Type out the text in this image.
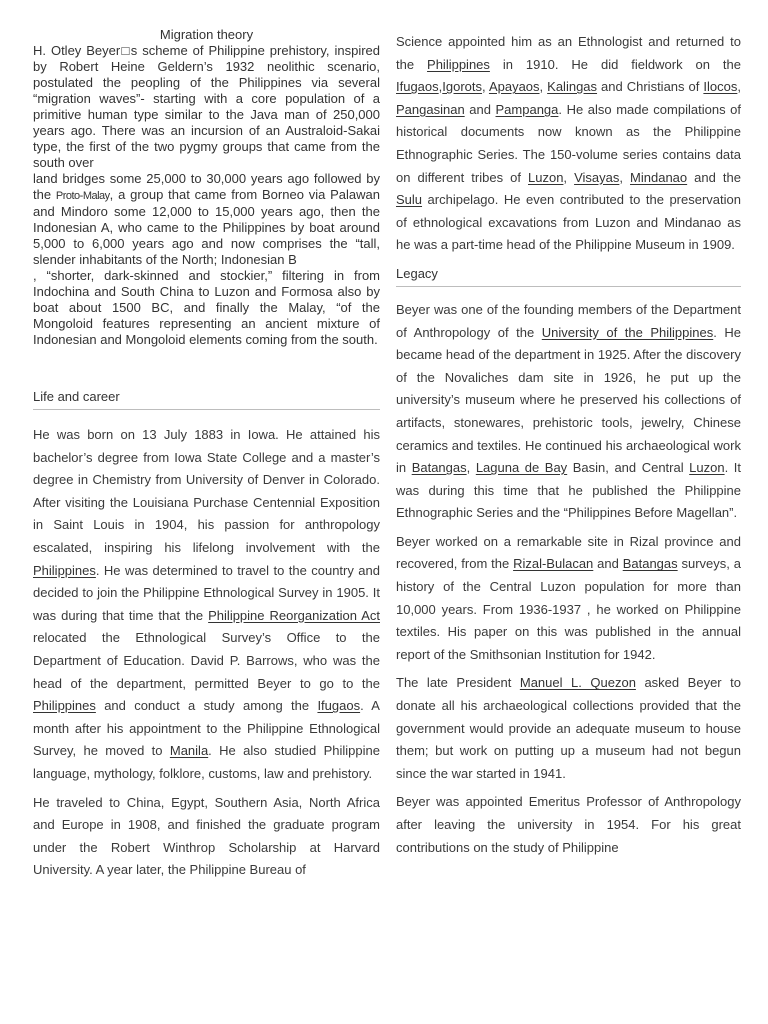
Migration theory
H. Otley Beyer□s scheme of Philippine prehistory, inspired by Robert Heine Geldern’s 1932 neolithic scenario, postulated the peopling of the Philippines via several “migration waves”- starting with a core population of a primitive human type similar to the Java man of 250,000 years ago. There was an incursion of an Australoid-Sakai type, the first of the two pygmy groups that came from the south over
land bridges some 25,000 to 30,000 years ago followed by the Proto-Malay, a group that came from Borneo via Palawan and Mindoro some 12,000 to 15,000 years ago, then the Indonesian A, who came to the Philippines by boat around 5,000 to 6,000 years ago and now comprises the “tall, slender inhabitants of the North; Indonesian B
, “shorter, dark-skinned and stockier,” filtering in from Indochina and South China to Luzon and Formosa also by boat about 1500 BC, and finally the Malay, “of the Mongoloid features representing an ancient mixture of Indonesian and Mongoloid elements coming from the south.
Life and career

He was born on 13 July 1883 in Iowa. He attained his bachelor’s degree from Iowa State College and a master’s degree in Chemistry from University of Denver in Colorado. After visiting the Louisiana Purchase Centennial Exposition in Saint Louis in 1904, his passion for anthropology escalated, inspiring his lifelong involvement with the Philippines. He was determined to travel to the country and decided to join the Philippine Ethnological Survey in 1905. It was during that time that the Philippine Reorganization Act relocated the Ethnological Survey’s Office to the Department of Education. David P. Barrows, who was the head of the department, permitted Beyer to go to the Philippines and conduct a study among the Ifugaos. A month after his appointment to the Philippine Ethnological Survey, he moved to Manila. He also studied Philippine language, mythology, folklore, customs, law and prehistory.

He traveled to China, Egypt, Southern Asia, North Africa and Europe in 1908, and finished the graduate program under the Robert Winthrop Scholarship at Harvard University. A year later, the Philippine Bureau of

Science appointed him as an Ethnologist and returned to the Philippines in 1910. He did fieldwork on the Ifugaos,Igorots, Apayaos, Kalingas and Christians of Ilocos, Pangasinan and Pampanga. He also made compilations of historical documents now known as the Philippine Ethnographic Series. The 150-volume series contains data on different tribes of Luzon, Visayas, Mindanao and the Sulu archipelago. He even contributed to the preservation of ethnological excavations from Luzon and Mindanao as he was a part-time head of the Philippine Museum in 1909.

Legacy

Beyer was one of the founding members of the Department of Anthropology of the University of the Philippines. He became head of the department in 1925. After the discovery of the Novaliches dam site in 1926, he put up the university’s museum where he preserved his collections of artifacts, stonewares, prehistoric tools, jewelry, Chinese ceramics and textiles. He continued his archaeological work in Batangas, Laguna de Bay Basin, and Central Luzon. It was during this time that he published the Philippine Ethnographic Series and the “Philippines Before Magellan”.

Beyer worked on a remarkable site in Rizal province and recovered, from the Rizal-Bulacan and Batangas surveys, a history of the Central Luzon population for more than 10,000 years. From 1936-1937 , he worked on Philippine textiles. His paper on this was published in the annual report of the Smithsonian Institution for 1942.

The late President Manuel L. Quezon asked Beyer to donate all his archaeological collections provided that the government would provide an adequate museum to house them; but work on putting up a museum had not begun since the war started in 1941.

Beyer was appointed Emeritus Professor of Anthropology after leaving the university in 1954. For his great contributions on the study of Philippine
